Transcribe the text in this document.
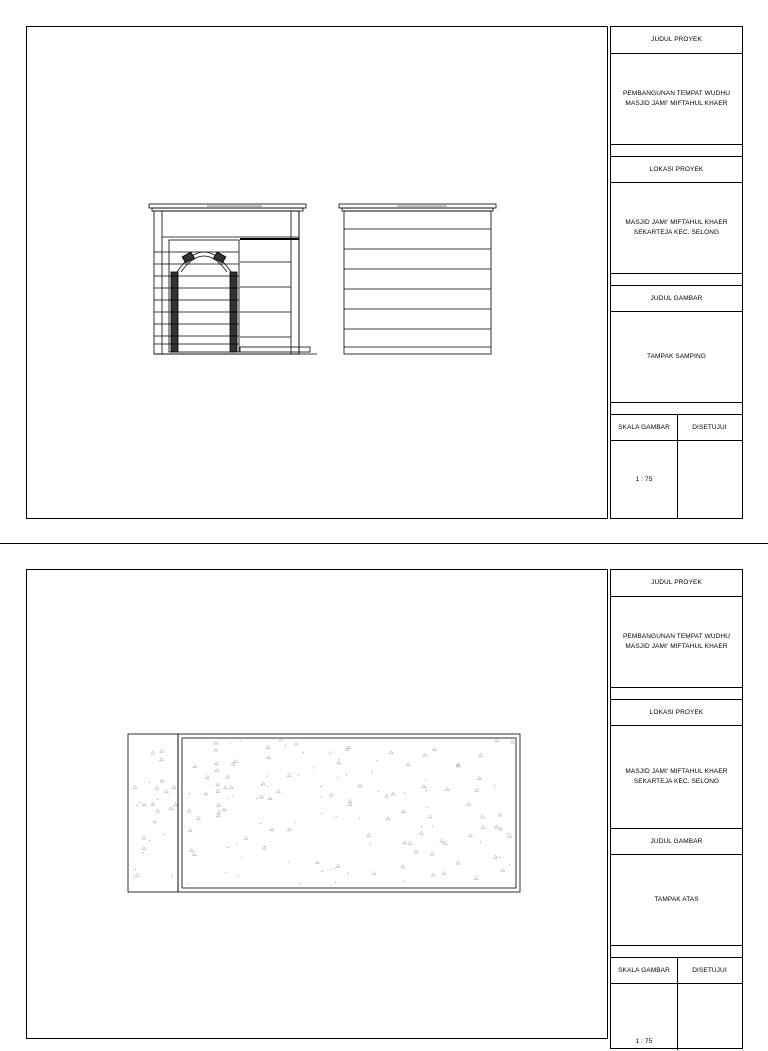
JUDUL PROYEK
PEMBANGUNAN TEMPAT WUDHU
MASJID JAMI' MIFTAHUL KHAER
LOKASI PROYEK
MASJID JAMI' MIFTAHUL KHAER
SEKARTEJA KEC. SELONG
JUDUL GAMBAR
TAMPAK SAMPING
SKALA GAMBAR	DISETUJUI
1 : 75
JUDUL PROYEK
PEMBANGUNAN TEMPAT WUDHU
MASJID JAMI' MIFTAHUL KHAER
LOKASI PROYEK
MASJID JAMI' MIFTAHUL KHAER
SEKARTEJA KEC. SELONG
JUDUL GAMBAR
TAMPAK ATAS
SKALA GAMBAR	DISETUJUI
1 : 75
